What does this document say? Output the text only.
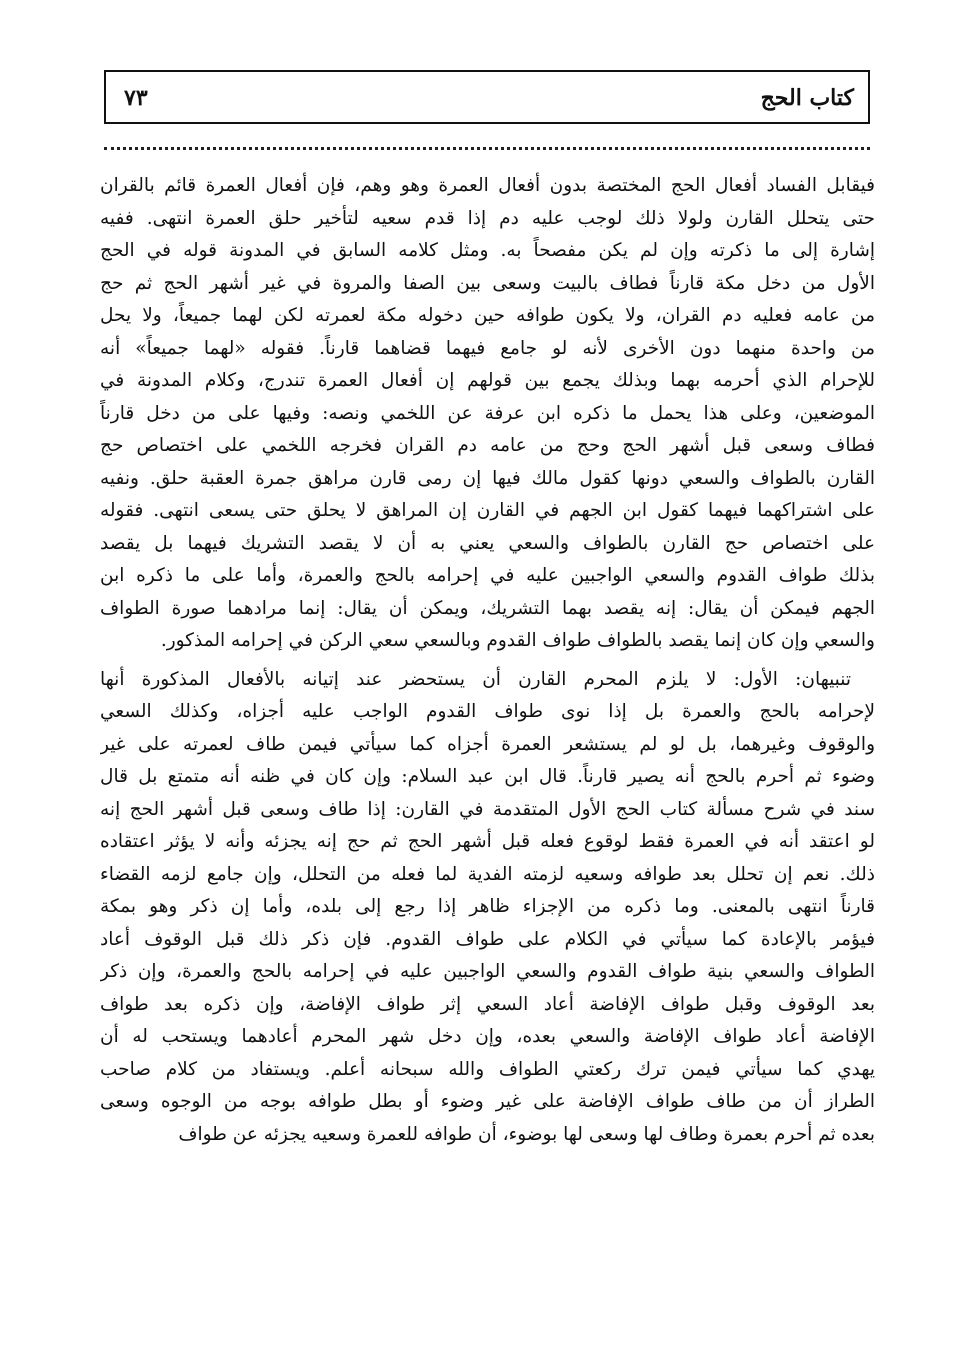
كتاب الحج
٧٣
فيقابل الفساد أفعال الحج المختصة بدون أفعال العمرة وهو وهم، فإن أفعال العمرة قائم بالقران
حتى يتحلل القارن ولولا ذلك لوجب عليه دم إذا قدم سعيه لتأخير حلق العمرة انتهى. ففيه
إشارة إلى ما ذكرته وإن لم يكن مفصحاً به. ومثل كلامه السابق في المدونة قوله في الحج
الأول من دخل مكة قارناً فطاف بالبيت وسعى بين الصفا والمروة في غير أشهر الحج ثم حج
من عامه فعليه دم القران، ولا يكون طوافه حين دخوله مكة لعمرته لكن لهما جميعاً، ولا يحل
من واحدة منهما دون الأخرى لأنه لو جامع فيهما قضاهما قارناً. فقوله «لهما جميعاً» أنه
للإحرام الذي أحرمه بهما وبذلك يجمع بين قولهم إن أفعال العمرة تندرج، وكلام المدونة في
الموضعين، وعلى هذا يحمل ما ذكره ابن عرفة عن اللخمي ونصه: وفيها على من دخل قارناً
فطاف وسعى قبل أشهر الحج وحج من عامه دم القران فخرجه اللخمي على اختصاص حج
القارن بالطواف والسعي دونها كقول مالك فيها إن رمى قارن مراهق جمرة العقبة حلق. ونفيه
على اشتراكهما فيهما كقول ابن الجهم في القارن إن المراهق لا يحلق حتى يسعى انتهى. فقوله
على اختصاص حج القارن بالطواف والسعي يعني به أن لا يقصد التشريك فيهما بل يقصد
بذلك طواف القدوم والسعي الواجبين عليه في إحرامه بالحج والعمرة، وأما على ما ذكره ابن
الجهم فيمكن أن يقال: إنه يقصد بهما التشريك، ويمكن أن يقال: إنما مرادهما صورة الطواف
والسعي وإن كان إنما يقصد بالطواف طواف القدوم وبالسعي سعي الركن في إحرامه المذكور.
تنبيهان: الأول: لا يلزم المحرم القارن أن يستحضر عند إتيانه بالأفعال المذكورة أنها
لإحرامه بالحج والعمرة بل إذا نوى طواف القدوم الواجب عليه أجزاه، وكذلك السعي
والوقوف وغيرهما، بل لو لم يستشعر العمرة أجزاه كما سيأتي فيمن طاف لعمرته على غير
وضوء ثم أحرم بالحج أنه يصير قارناً. قال ابن عبد السلام: وإن كان في ظنه أنه متمتع بل قال
سند في شرح مسألة كتاب الحج الأول المتقدمة في القارن: إذا طاف وسعى قبل أشهر الحج إنه
لو اعتقد أنه في العمرة فقط لوقوع فعله قبل أشهر الحج ثم حج إنه يجزئه وأنه لا يؤثر اعتقاده
ذلك. نعم إن تحلل بعد طوافه وسعيه لزمته الفدية لما فعله من التحلل، وإن جامع لزمه القضاء
قارناً انتهى بالمعنى. وما ذكره من الإجزاء ظاهر إذا رجع إلى بلده، وأما إن ذكر وهو بمكة
فيؤمر بالإعادة كما سيأتي في الكلام على طواف القدوم. فإن ذكر ذلك قبل الوقوف أعاد
الطواف والسعي بنية طواف القدوم والسعي الواجبين عليه في إحرامه بالحج والعمرة، وإن ذكر
بعد الوقوف وقبل طواف الإفاضة أعاد السعي إثر طواف الإفاضة، وإن ذكره بعد طواف
الإفاضة أعاد طواف الإفاضة والسعي بعده، وإن دخل شهر المحرم أعادهما ويستحب له أن
يهدي كما سيأتي فيمن ترك ركعتي الطواف والله سبحانه أعلم. ويستفاد من كلام صاحب
الطراز أن من طاف طواف الإفاضة على غير وضوء أو بطل طوافه بوجه من الوجوه وسعى
بعده ثم أحرم بعمرة وطاف لها وسعى لها بوضوء، أن طوافه للعمرة وسعيه يجزئه عن طواف
